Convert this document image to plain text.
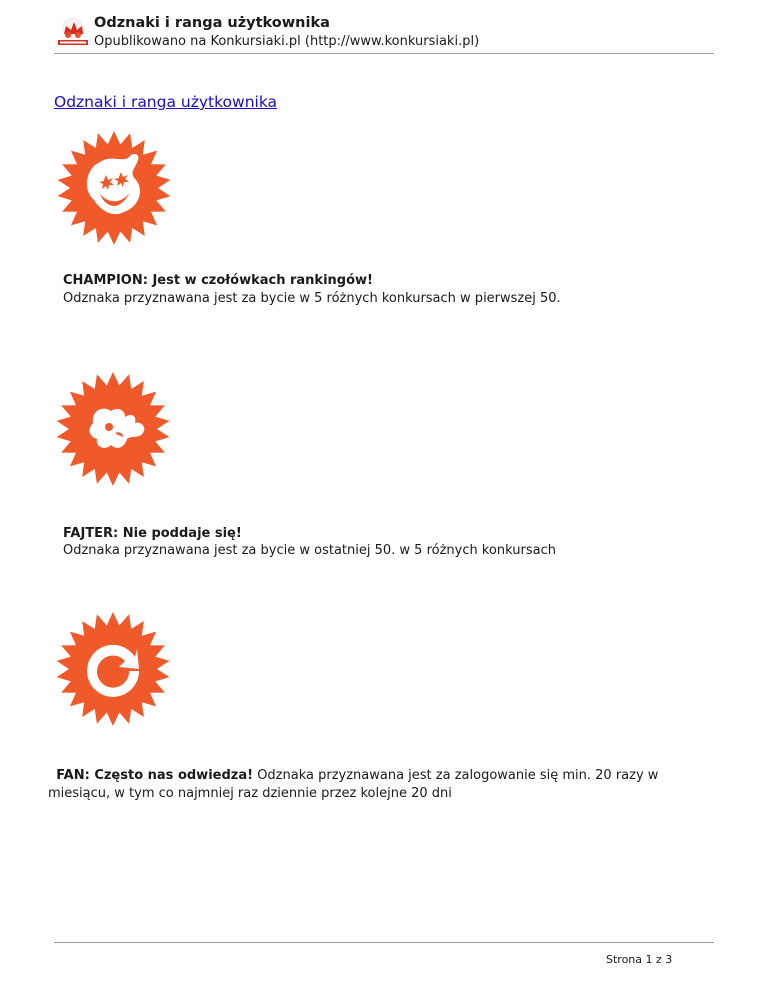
Odznaki i ranga użytkownika
Opublikowano na Konkursiaki.pl (http://www.konkursiaki.pl)
Odznaki i ranga użytkownika
CHAMPION: Jest w czołówkach rankingów!
Odznaka przyznawana jest za bycie w 5 różnych konkursach w pierwszej 50.
FAJTER: Nie poddaje się!
Odznaka przyznawana jest za bycie w ostatniej 50. w 5 różnych konkursach
FAN: Często nas odwiedza! Odznaka przyznawana jest za zalogowanie się min. 20 razy w miesiącu, w tym co najmniej raz dziennie przez kolejne 20 dni
Strona 1 z 3
